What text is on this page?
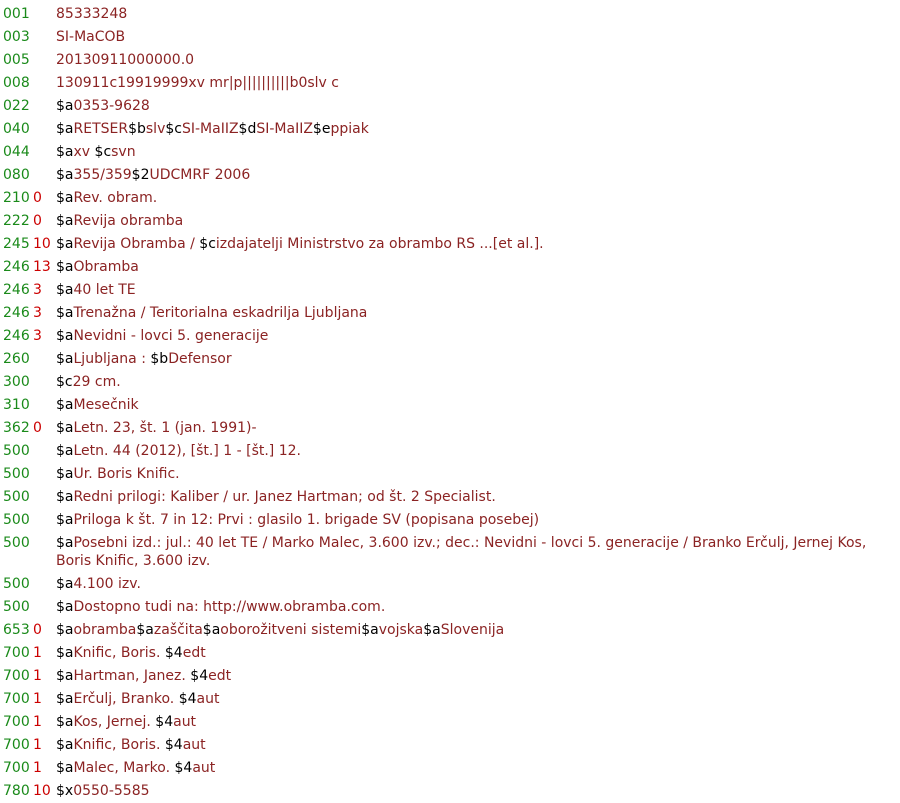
001	85333248
003	SI-MaCOB
005	20130911000000.0
008	130911c19919999xv mr|p||||||||||b0slv c
022	$a0353-9628
040	$aRETSER$bslv$cSI-MaIIZ$dSI-MaIIZ$eppiak
044	$axv $csvn
080	$a355/359$2UDCMRF 2006
210 0	$aRev. obram.
222 0	$aRevija obramba
245 10 $aRevija Obramba / $cizdajatelji Ministrstvo za obrambo RS ...[et al.].
246 13 $aObramba
246 3	$a40 let TE
246 3	$aTrenažna / Teritorialna eskadrilja Ljubljana
246 3	$aNevidni - lovci 5. generacije
260	$aLjubljana : $bDefensor
300	$c29 cm.
310	$aMesečnik
362 0	$aLetn. 23, št. 1 (jan. 1991)-
500	$aLetn. 44 (2012), [št.] 1 - [št.] 12.
500	$aUr. Boris Knific.
500	$aRedni prilogi: Kaliber / ur. Janez Hartman; od št. 2 Specialist.
500	$aPriloga k št. 7 in 12: Prvi : glasilo 1. brigade SV (popisana posebej)
500	$aPosebni izd.: jul.: 40 let TE / Marko Malec, 3.600 izv.; dec.: Nevidni - lovci 5. generacije / Branko Erčulj, Jernej Kos, Boris Knific, 3.600 izv.
500	$a4.100 izv.
500	$aDostopno tudi na: http://www.obramba.com.
653 0	$aobramba$azaščita$aoborožitveni sistemi$avojska$aSlovenija
700 1	$aKnific, Boris. $4edt
700 1	$aHartman, Janez. $4edt
700 1	$aErčulj, Branko. $4aut
700 1	$aKos, Jernej. $4aut
700 1	$aKnific, Boris. $4aut
700 1	$aMalec, Marko. $4aut
780 10 $x0550-5585
